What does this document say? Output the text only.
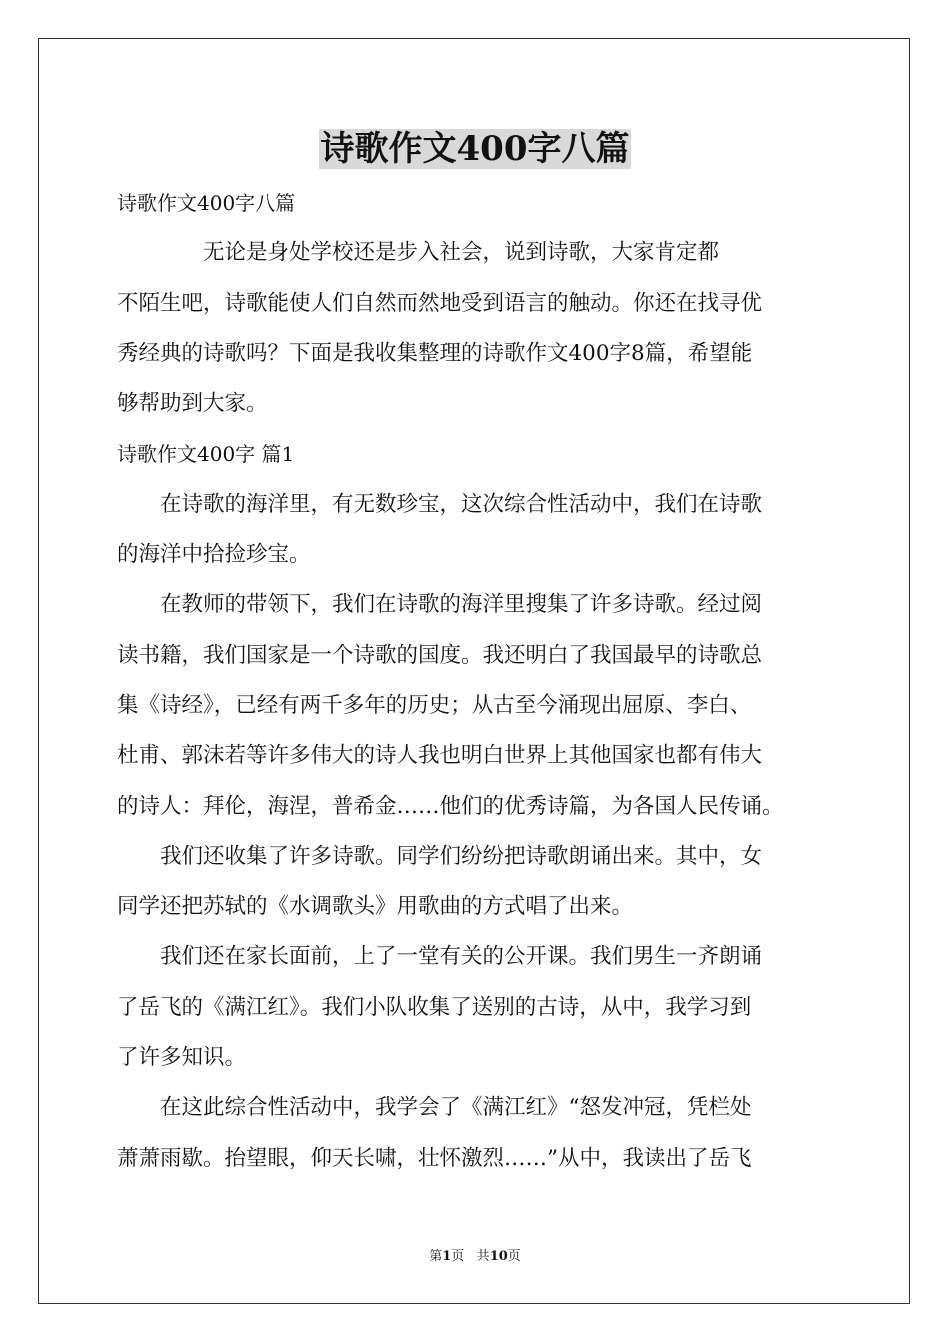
诗歌作文400字八篇

诗歌作文400字八篇

　　　　无论是身处学校还是步入社会，说到诗歌，大家肯定都

不陌生吧，诗歌能使人们自然而然地受到语言的触动。你还在找寻优

秀经典的诗歌吗？下面是我收集整理的诗歌作文400字8篇，希望能

够帮助到大家。

诗歌作文400字 篇1

　　在诗歌的海洋里，有无数珍宝，这次综合性活动中，我们在诗歌

的海洋中拾捡珍宝。

　　在教师的带领下，我们在诗歌的海洋里搜集了许多诗歌。经过阅

读书籍，我们国家是一个诗歌的国度。我还明白了我国最早的诗歌总

集《诗经》，已经有两千多年的历史；从古至今涌现出屈原、李白、

杜甫、郭沫若等许多伟大的诗人我也明白世界上其他国家也都有伟大

的诗人：拜伦，海涅，普希金……他们的优秀诗篇，为各国人民传诵。

　　我们还收集了许多诗歌。同学们纷纷把诗歌朗诵出来。其中，女

同学还把苏轼的《水调歌头》用歌曲的方式唱了出来。

　　我们还在家长面前，上了一堂有关的公开课。我们男生一齐朗诵

了岳飞的《满江红》。我们小队收集了送别的古诗，从中，我学习到

了许多知识。

　　在这此综合性活动中，我学会了《满江红》“怒发冲冠，凭栏处

萧萧雨歇。抬望眼，仰天长啸，壮怀激烈……”从中，我读出了岳飞

第1页 共10页
